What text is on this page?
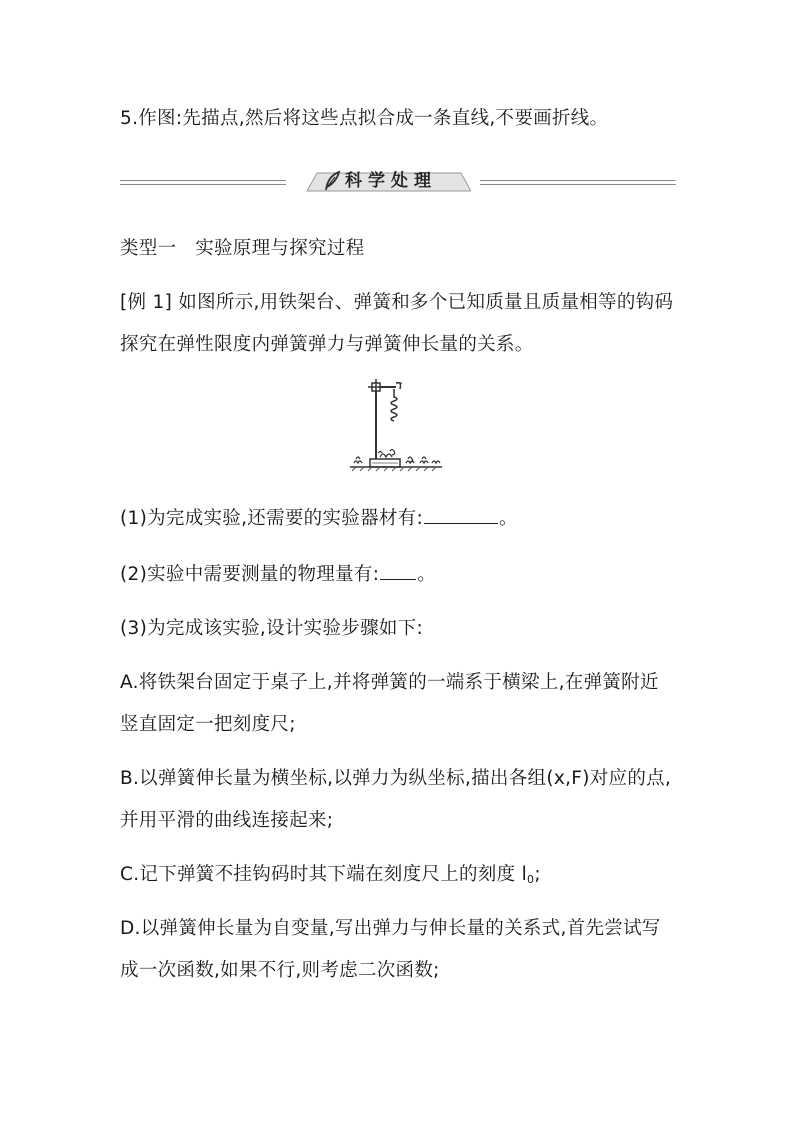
5.作图:先描点,然后将这些点拟合成一条直线,不要画折线。
科学处理
类型一　实验原理与探究过程
[例 1] 如图所示,用铁架台、弹簧和多个已知质量且质量相等的钩码
探究在弹性限度内弹簧弹力与弹簧伸长量的关系。
(1)为完成实验,还需要的实验器材有:	。
(2)实验中需要测量的物理量有: 。
(3)为完成该实验,设计实验步骤如下:
A.将铁架台固定于桌子上,并将弹簧的一端系于横梁上,在弹簧附近
竖直固定一把刻度尺;
B.以弹簧伸长量为横坐标,以弹力为纵坐标,描出各组(x,F)对应的点,
并用平滑的曲线连接起来;
C.记下弹簧不挂钩码时其下端在刻度尺上的刻度 $l_0$;
D.以弹簧伸长量为自变量,写出弹力与伸长量的关系式,首先尝试写
成一次函数,如果不行,则考虑二次函数;
